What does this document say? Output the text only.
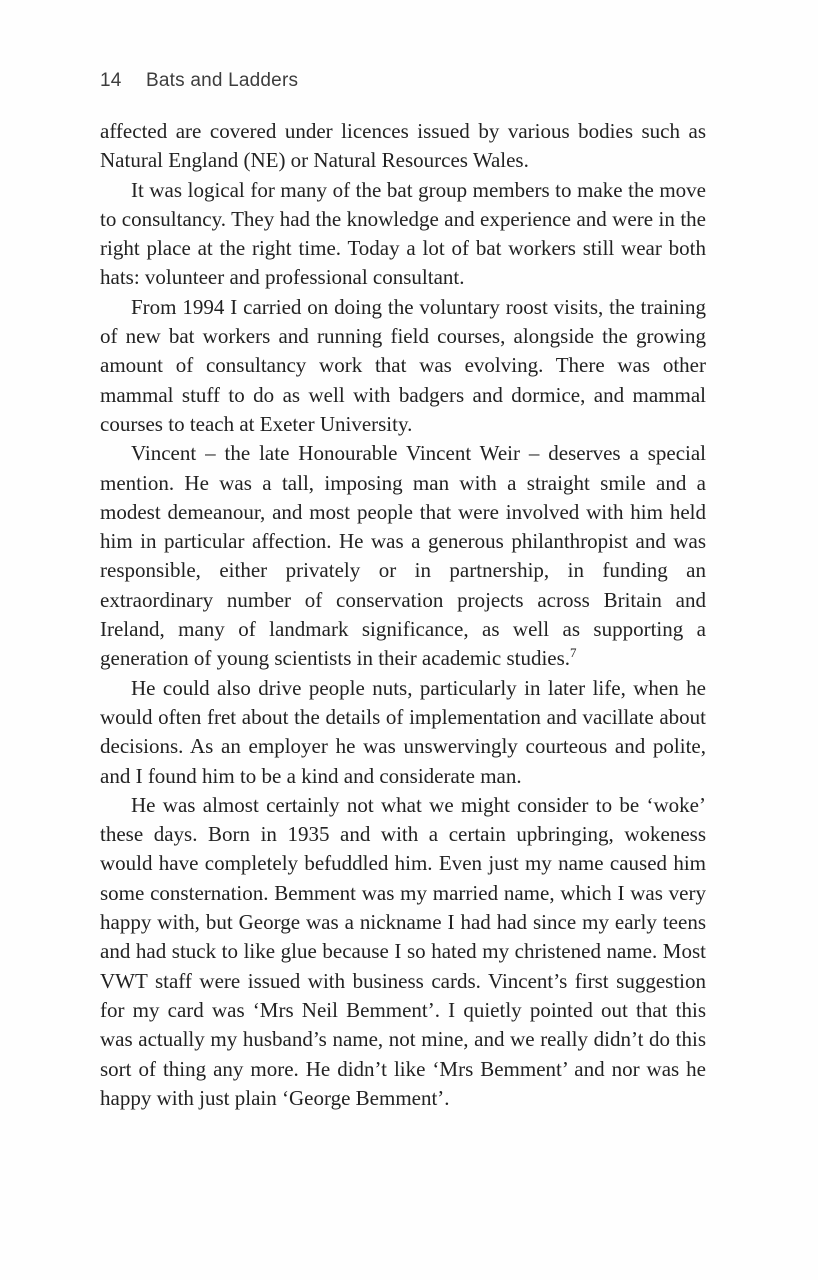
14 Bats and Ladders

affected are covered under licences issued by various bodies such as Natural England (NE) or Natural Resources Wales.

It was logical for many of the bat group members to make the move to consultancy. They had the knowledge and experience and were in the right place at the right time. Today a lot of bat workers still wear both hats: volunteer and professional consultant.

From 1994 I carried on doing the voluntary roost visits, the training of new bat workers and running field courses, alongside the growing amount of consultancy work that was evolving. There was other mammal stuff to do as well with badgers and dormice, and mammal courses to teach at Exeter University.

Vincent – the late Honourable Vincent Weir – deserves a special mention. He was a tall, imposing man with a straight smile and a modest demeanour, and most people that were involved with him held him in particular affection. He was a generous philanthropist and was responsible, either privately or in partnership, in funding an extraordinary number of conservation projects across Britain and Ireland, many of landmark significance, as well as supporting a generation of young scientists in their academic studies.$^7$

He could also drive people nuts, particularly in later life, when he would often fret about the details of implementation and vacillate about decisions. As an employer he was unswervingly courteous and polite, and I found him to be a kind and considerate man.

He was almost certainly not what we might consider to be ‘woke’ these days. Born in 1935 and with a certain upbringing, wokeness would have completely befuddled him. Even just my name caused him some consternation. Bemment was my married name, which I was very happy with, but George was a nickname I had had since my early teens and had stuck to like glue because I so hated my christened name. Most VWT staff were issued with business cards. Vincent’s first suggestion for my card was ‘Mrs Neil Bemment’. I quietly pointed out that this was actually my husband’s name, not mine, and we really didn’t do this sort of thing any more. He didn’t like ‘Mrs Bemment’ and nor was he happy with just plain ‘George Bemment’.
